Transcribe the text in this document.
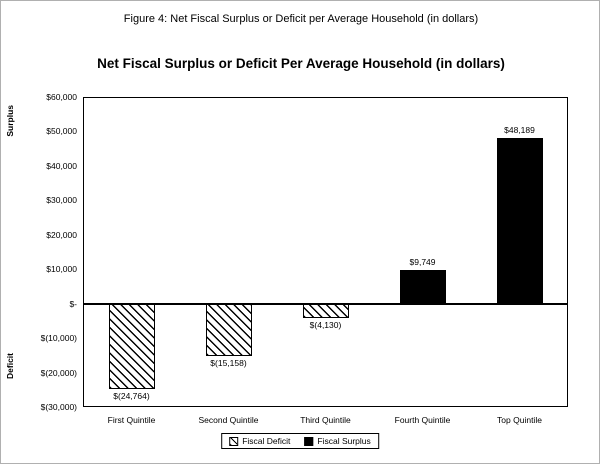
Figure 4: Net Fiscal Surplus or Deficit per Average Household (in dollars)
Net Fiscal Surplus or Deficit Per Average Household (in dollars)
Surplus
Deficit
$60,000
$50,000
$40,000
$30,000
$20,000
$10,000
$-
$(10,000)
$(20,000)
$(30,000)
$(24,764)
$(15,158)
$(4,130)
$9,749
$48,189
First Quintile	Second Quintile	Third Quintile	Fourth Quintile	Top Quintile
Fiscal Deficit	Fiscal Surplus
